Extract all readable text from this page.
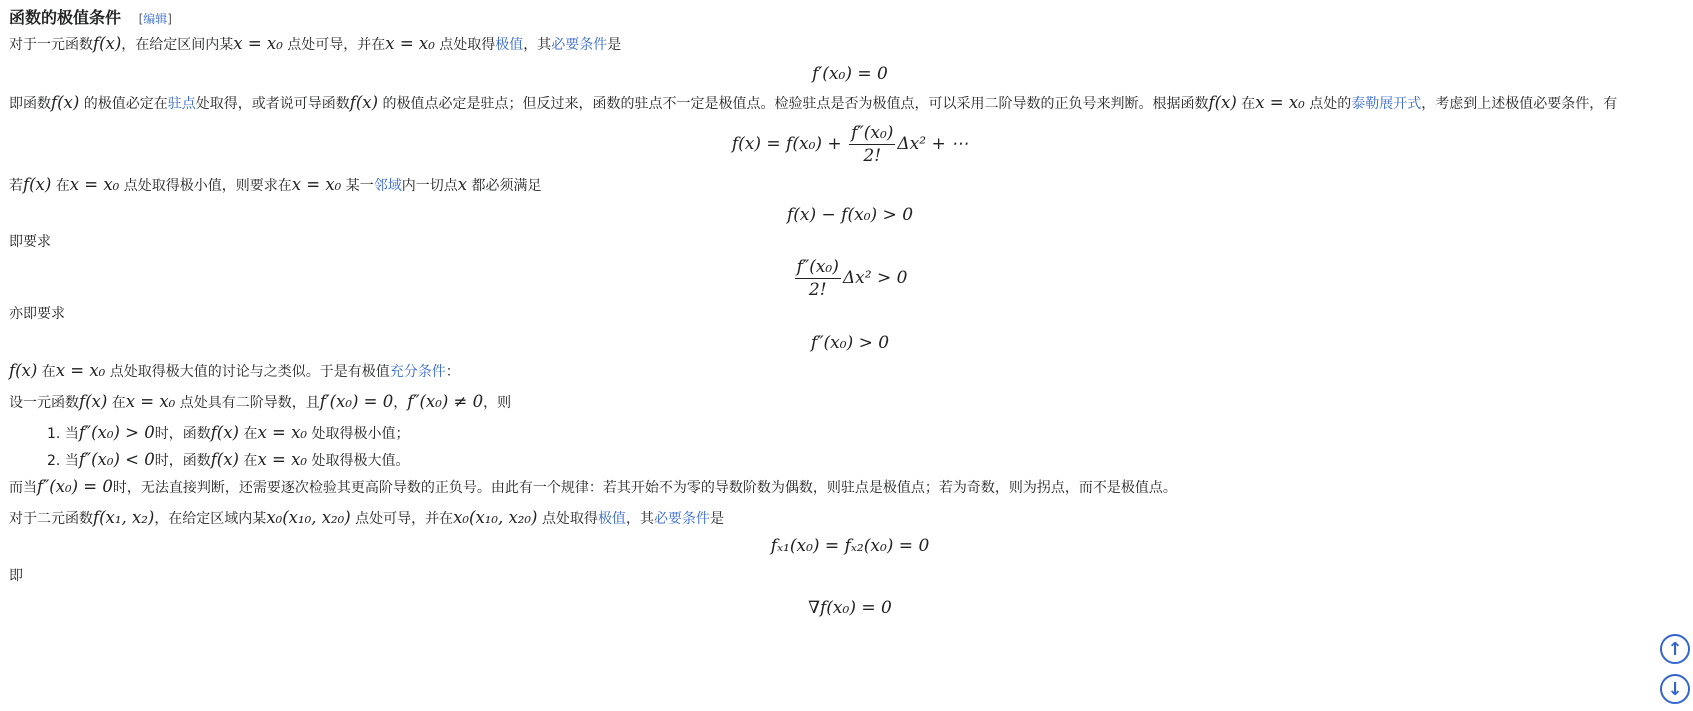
函数的极值条件 [编辑]

对于一元函数f(x)，在给定区间内某x = x₀ 点处可导，并在x = x₀ 点处取得极值，其必要条件是

f′(x₀) = 0

即函数f(x) 的极值必定在驻点处取得，或者说可导函数f(x) 的极值点必定是驻点；但反过来，函数的驻点不一定是极值点。检验驻点是否为极值点，可以采用二阶导数的正负号来判断。根据函数f(x) 在x = x₀ 点处的泰勒展开式，考虑到上述极值必要条件，有

$f(x) = f(x_0) + \frac{\text{f″(x₀)}}{2!} \Delta x^2$ + ⋯

若f(x) 在x = x₀ 点处取得极小值，则要求在x = x₀ 某一邻域内一切点x 都必须满足

f(x) − f(x₀) > 0

即要求

$\frac{\text{f″(x₀)}}{2!} \Delta x^2 > 0$

亦即要求

f″(x₀) > 0

f(x) 在x = x₀ 点处取得极大值的讨论与之类似。于是有极值充分条件：

设一元函数f(x) 在x = x₀ 点处具有二阶导数，且f′(x₀) = 0，f″(x₀) ≠ 0，则

1. 当f″(x₀) > 0时，函数f(x) 在x = x₀ 处取得极小值；
2. 当f″(x₀) < 0时，函数f(x) 在x = x₀ 处取得极大值。

而当f″(x₀) = 0时，无法直接判断，还需要逐次检验其更高阶导数的正负号。由此有一个规律：若其开始不为零的导数阶数为偶数，则驻点是极值点；若为奇数，则为拐点，而不是极值点。

对于二元函数f(x₁, x₂)，在给定区域内某x₀(x₁₀, x₂₀) 点处可导，并在x₀(x₁₀, x₂₀) 点处取得极值，其必要条件是

fₓ₁(x₀) = fₓ₂(x₀) = 0

即

∇f(x₀) = 0
↑
↓
